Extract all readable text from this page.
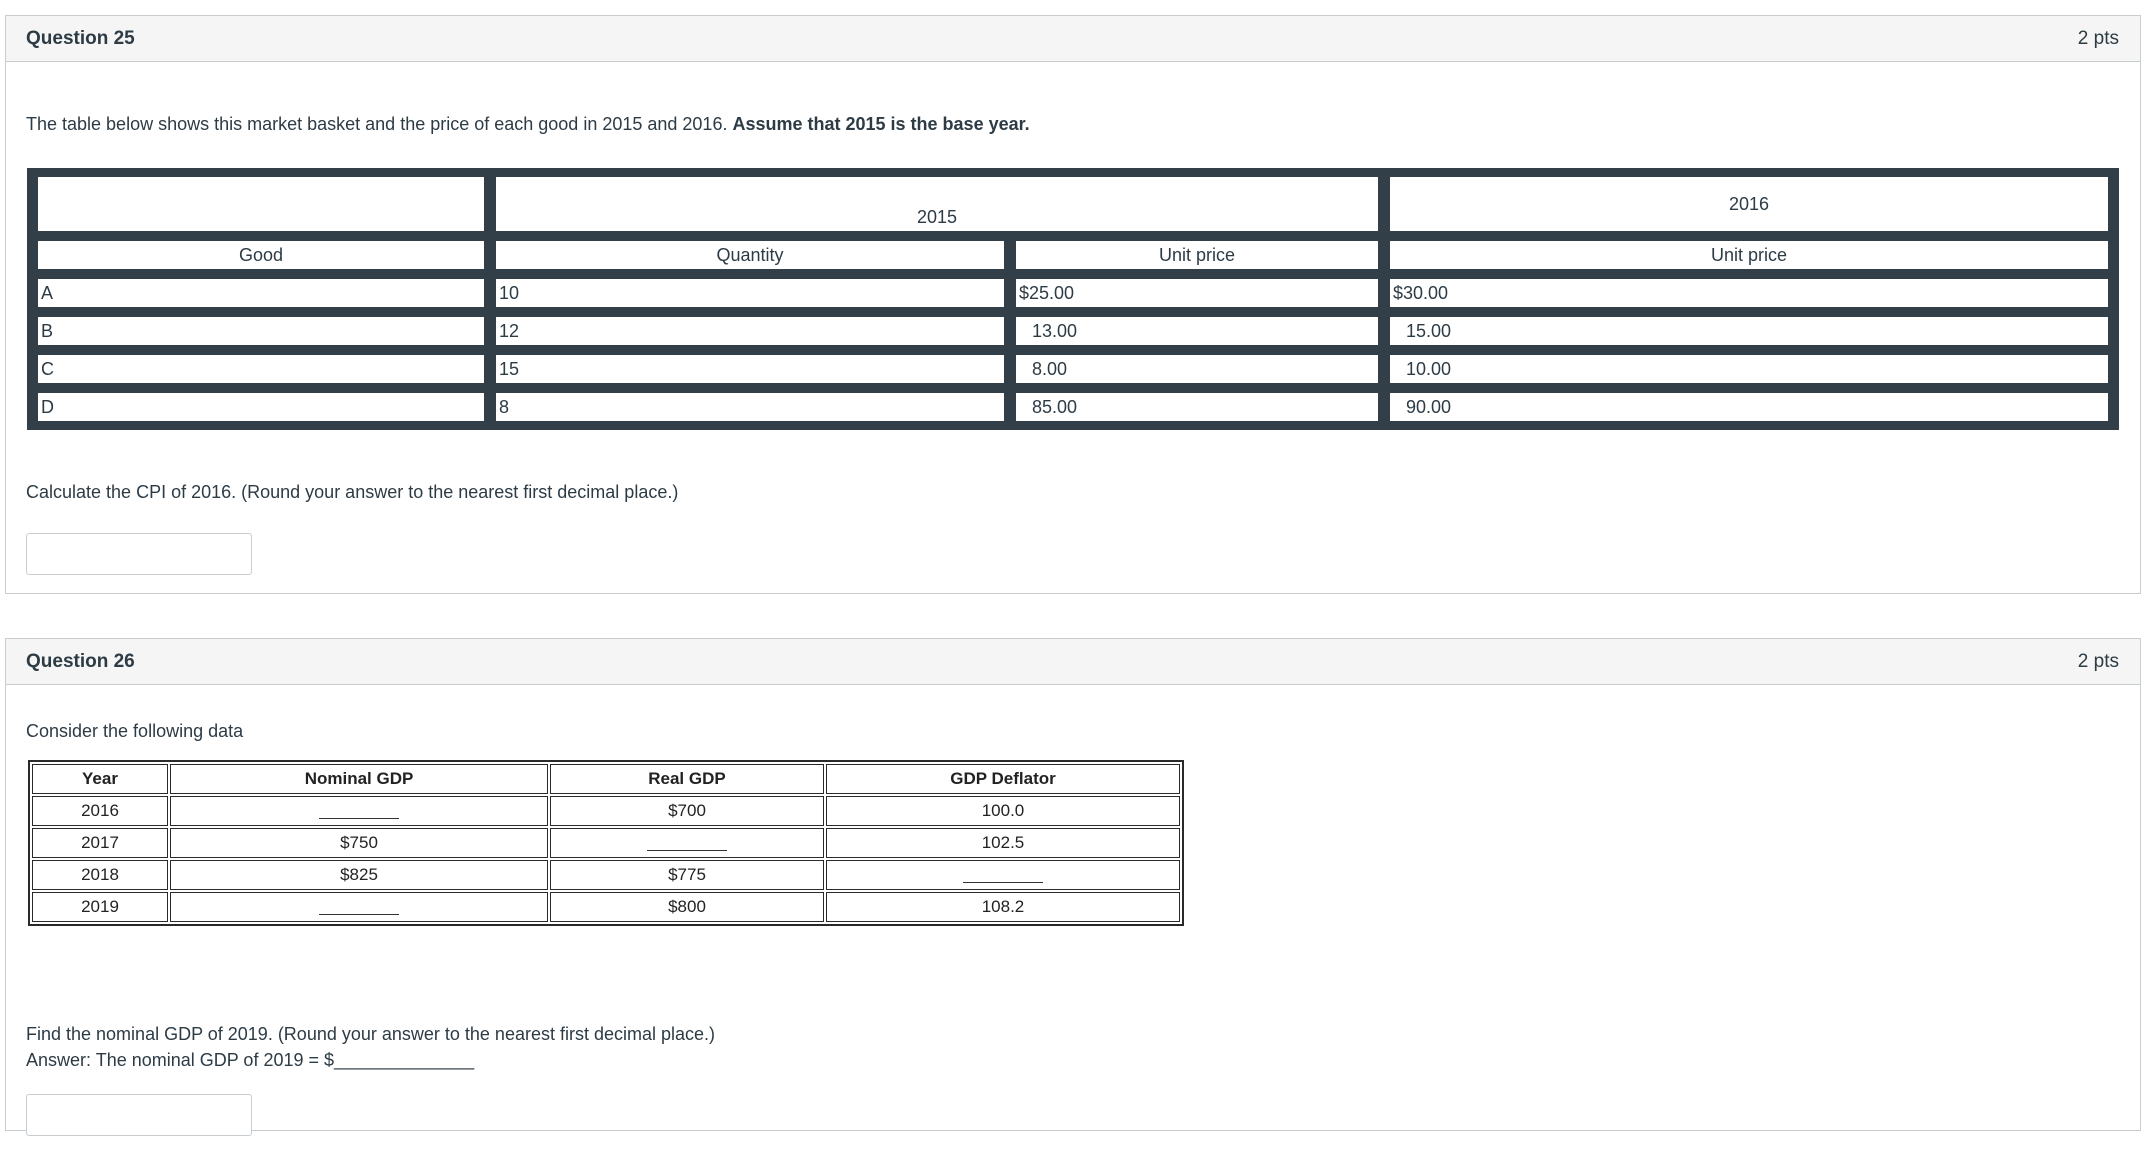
Question 25	2 pts

The table below shows this market basket and the price of each good in 2015 and 2016. Assume that 2015 is the base year.

	2015		2016
Good	Quantity	Unit price	Unit price
A	10	$25.00	$30.00
B	12	13.00	15.00
C	15	8.00	10.00
D	8	85.00	90.00

Calculate the CPI of 2016. (Round your answer to the nearest first decimal place.)

Question 26	2 pts

Consider the following data

Year	Nominal GDP	Real GDP	GDP Deflator
2016		$700	100.0
2017	$750		102.5
2018	$825	$775	
2019		$800	108.2

Find the nominal GDP of 2019. (Round your answer to the nearest first decimal place.)

Answer: The nominal GDP of 2019 = $______________
